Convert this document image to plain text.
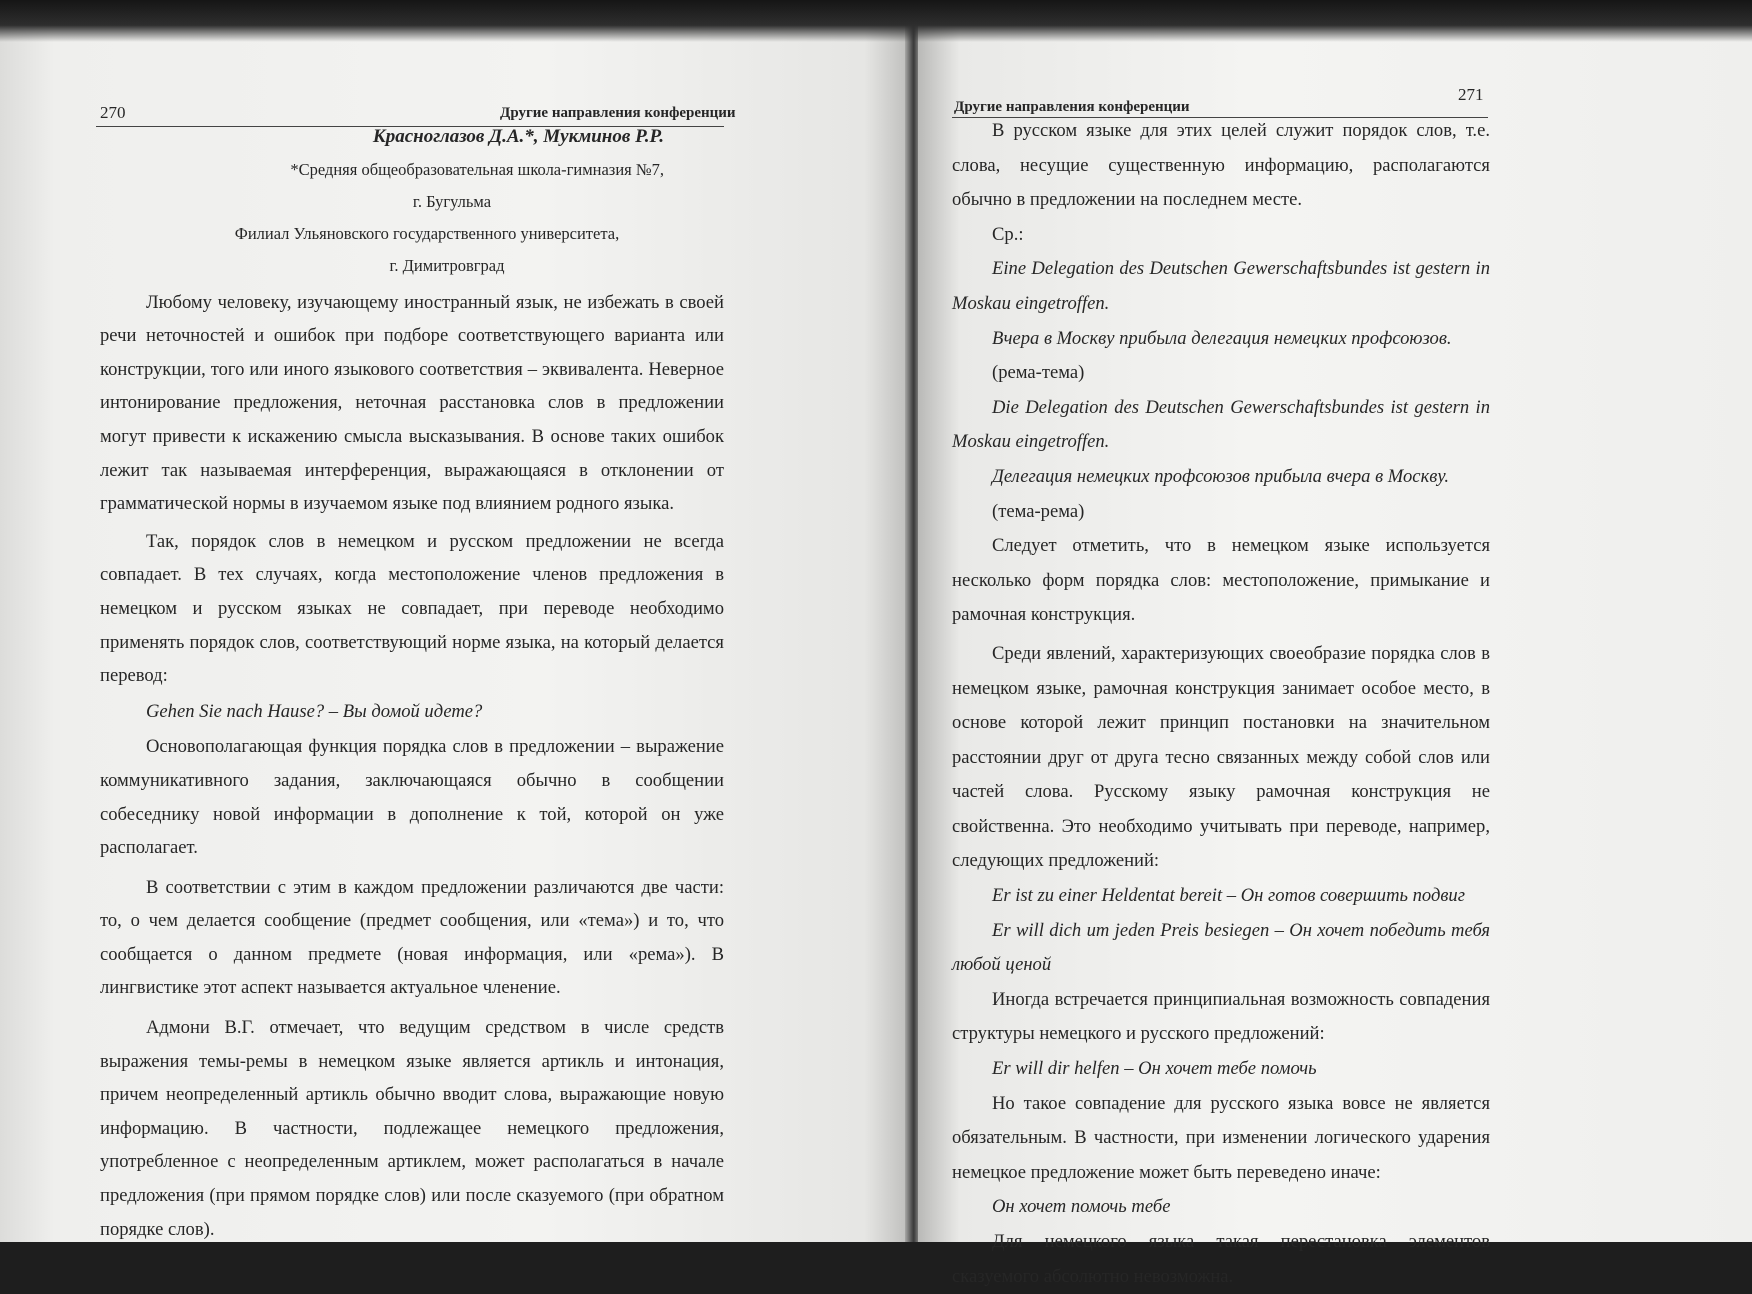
270	Другие направления конференции

Красноглазов Д.А.*, Мукминов Р.Р.

*Средняя общеобразовательная школа-гимназия №7,

г. Бугульма

Филиал Ульяновского государственного университета,

г. Димитровград

Любому человеку, изучающему иностранный язык, не избежать в своей речи неточностей и ошибок при подборе соответствующего варианта или конструкции, того или иного языкового соответствия – эквивалента. Неверное интонирование предложения, неточная расстановка слов в предложении могут привести к искажению смысла высказывания. В основе таких ошибок лежит так называемая интерференция, выражающаяся в отклонении от грамматической нормы в изучаемом языке под влиянием родного языка.

Так, порядок слов в немецком и русском предложении не всегда совпадает. В тех случаях, когда местоположение членов предложения в немецком и русском языках не совпадает, при переводе необходимо применять порядок слов, соответствующий норме языка, на который делается перевод:

Gehen Sie nach Hause? – Вы домой идете?

Основополагающая функция порядка слов в предложении – выражение коммуникативного задания, заключающаяся обычно в сообщении собеседнику новой информации в дополнение к той, которой он уже располагает.

В соответствии с этим в каждом предложении различаются две части: то, о чем делается сообщение (предмет сообщения, или «тема») и то, что сообщается о данном предмете (новая информация, или «рема»). В лингвистике этот аспект называется актуальное членение.

Адмони В.Г. отмечает, что ведущим средством в числе средств выражения темы-ремы в немецком языке является артикль и интонация, причем неопределенный артикль обычно вводит слова, выражающие новую информацию. В частности, подлежащее немецкого предложения, употребленное с неопределенным артиклем, может располагаться в начале предложения (при прямом порядке слов) или после сказуемого (при обратном порядке слов).

Другие направления конференции
271

В русском языке для этих целей служит порядок слов, т.е. слова, несущие существенную информацию, располагаются обычно в предложении на последнем месте.

Ср.:

Eine Delegation des Deutschen Gewerschaftsbundes ist gestern in Moskau eingetroffen.

Вчера в Москву прибыла делегация немецких профсоюзов.

(рема-тема)

Die Delegation des Deutschen Gewerschaftsbundes ist gestern in Moskau eingetroffen.

Делегация немецких профсоюзов прибыла вчера в Москву.

(тема-рема)

Следует отметить, что в немецком языке используется несколько форм порядка слов: местоположение, примыкание и рамочная конструкция.

Среди явлений, характеризующих своеобразие порядка слов в немецком языке, рамочная конструкция занимает особое место, в основе которой лежит принцип постановки на значительном расстоянии друг от друга тесно связанных между собой слов или частей слова. Русскому языку рамочная конструкция не свойственна. Это необходимо учитывать при переводе, например, следующих предложений:

Er ist zu einer Heldentat bereit – Он готов совершить подвиг

Er will dich um jeden Preis besiegen – Он хочет победить тебя любой ценой

Иногда встречается принципиальная возможность совпадения структуры немецкого и русского предложений:

Er will dir helfen – Он хочет тебе помочь

Но такое совпадение для русского языка вовсе не является обязательным. В частности, при изменении логического ударения немецкое предложение может быть переведено иначе:

Он хочет помочь тебе

Для немецкого языка такая перестановка элементов сказуемого абсолютно невозможна.
